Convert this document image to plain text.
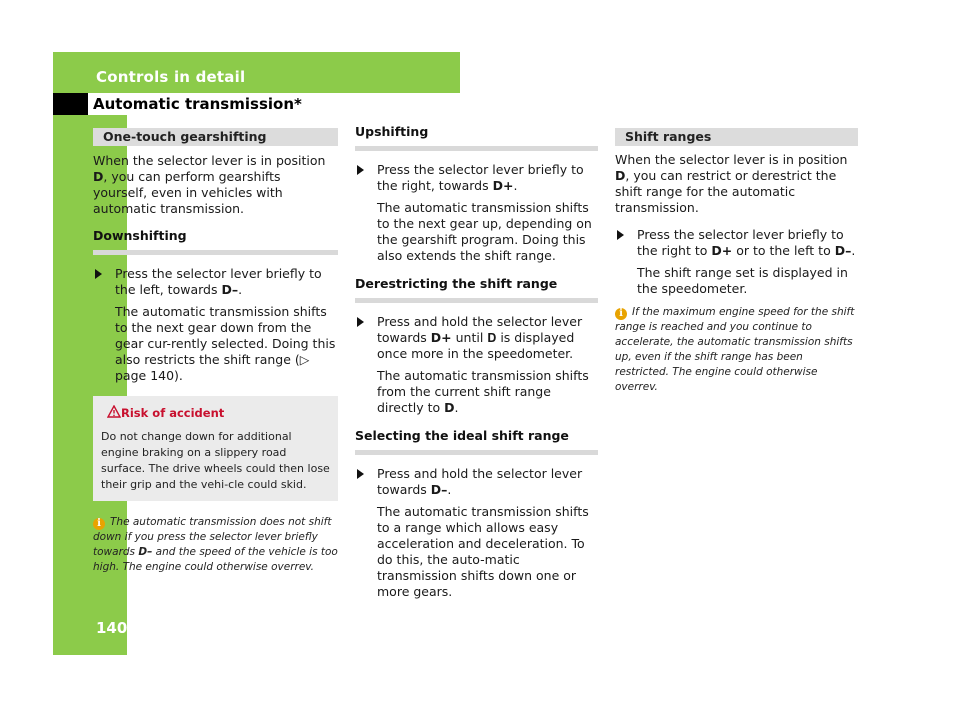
Controls in detail
Automatic transmission*
140
One-touch gearshifting

When the selector lever is in position D, you can perform gearshifts yourself, even in vehicles with automatic transmission.

Downshifting

Press the selector lever briefly to the left, towards D–.

The automatic transmission shifts to the next gear down from the gear cur-rently selected. Doing this also restricts the shift range (▷ page 140).

Risk of accident

Do not change down for additional engine braking on a slippery road surface. The drive wheels could then lose their grip and the vehi-cle could skid.

i The automatic transmission does not shift down if you press the selector lever briefly towards D– and the speed of the vehicle is too high. The engine could otherwise overrev.

Upshifting

Press the selector lever briefly to the right, towards D+.

The automatic transmission shifts to the next gear up, depending on the gearshift program. Doing this also extends the shift range.

Derestricting the shift range

Press and hold the selector lever towards D+ until 𝐃 is displayed once more in the speedometer.

The automatic transmission shifts from the current shift range directly to D.

Selecting the ideal shift range

Press and hold the selector lever towards D–.

The automatic transmission shifts to a range which allows easy acceleration and deceleration. To do this, the auto-matic transmission shifts down one or more gears.

Shift ranges

When the selector lever is in position D, you can restrict or derestrict the shift range for the automatic transmission.

Press the selector lever briefly to the right to D+ or to the left to D–.

The shift range set is displayed in the speedometer.

i If the maximum engine speed for the shift range is reached and you continue to accelerate, the automatic transmission shifts up, even if the shift range has been restricted. The engine could otherwise overrev.
